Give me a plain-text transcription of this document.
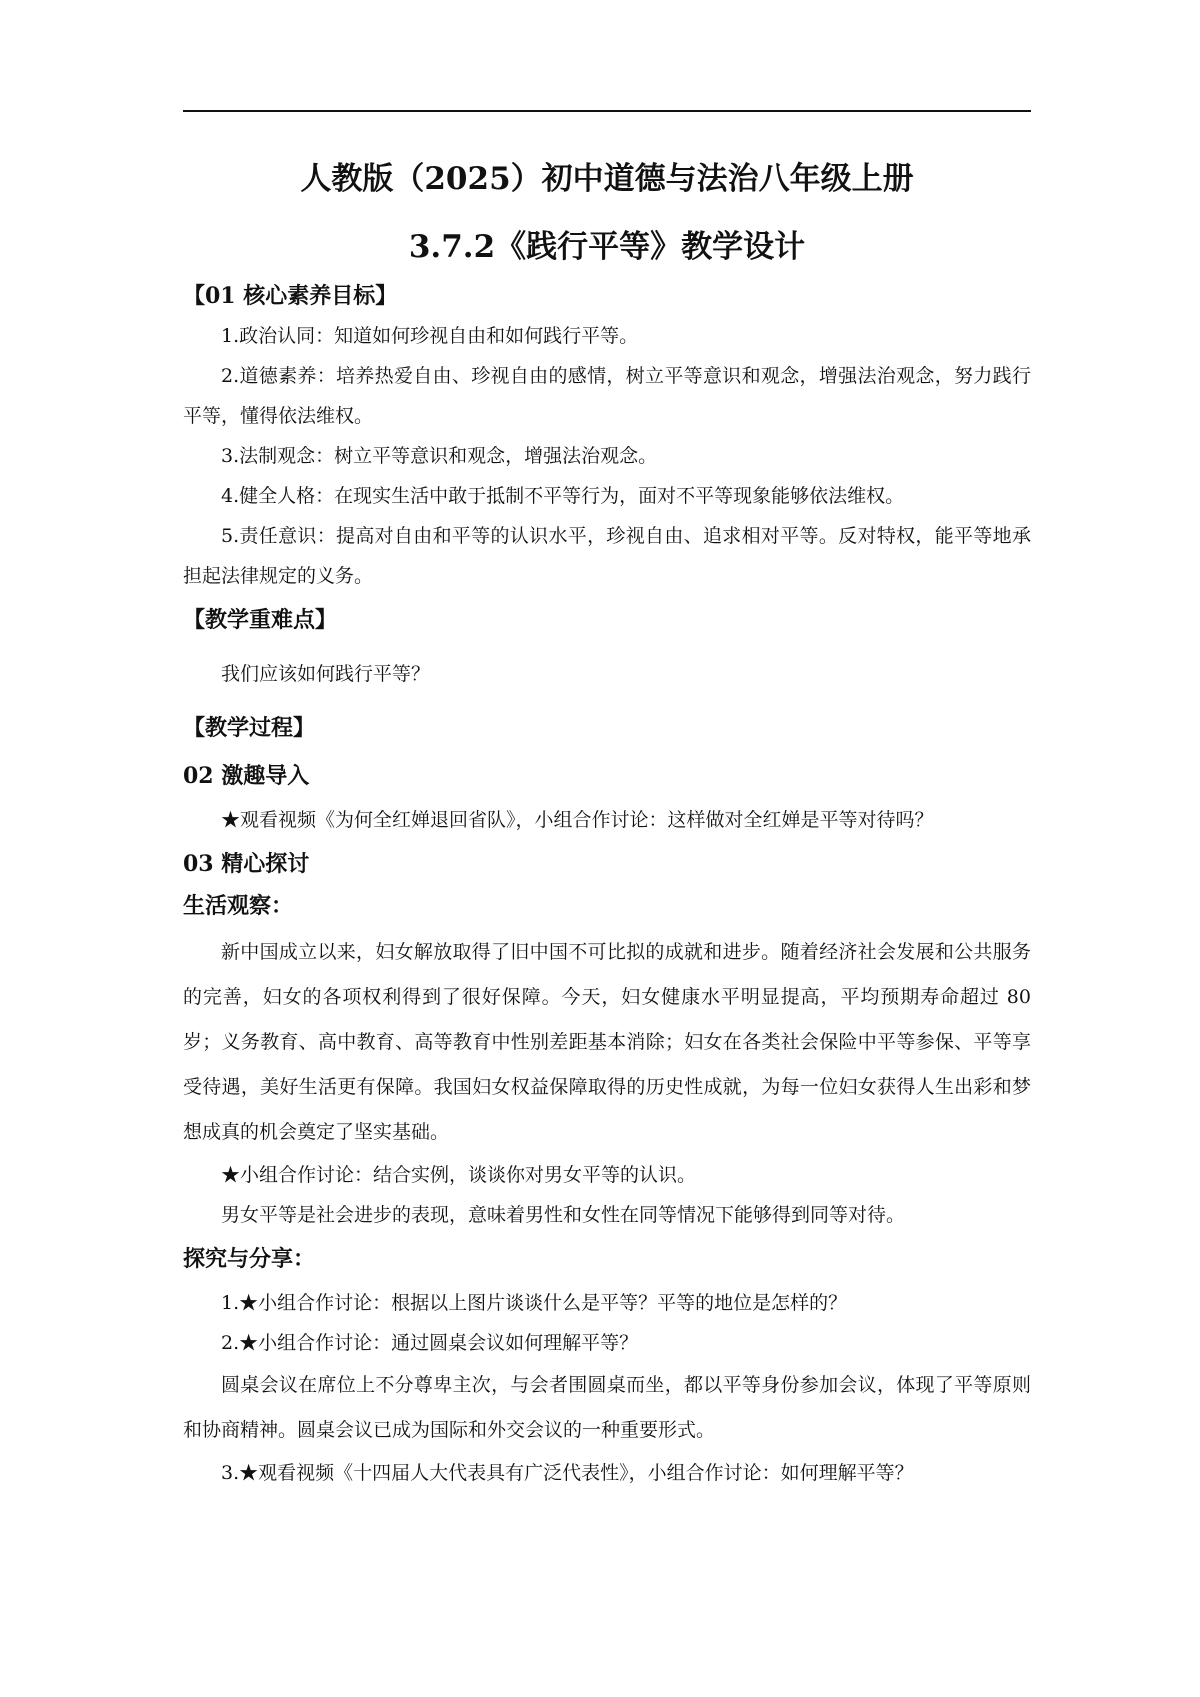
人教版（2025）初中道德与法治八年级上册

3.7.2《践行平等》教学设计

【01 核心素养目标】

1.政治认同：知道如何珍视自由和如何践行平等。

2.道德素养：培养热爱自由、珍视自由的感情，树立平等意识和观念，增强法治观念，努力践行平等，懂得依法维权。

3.法制观念：树立平等意识和观念，增强法治观念。

4.健全人格：在现实生活中敢于抵制不平等行为，面对不平等现象能够依法维权。

5.责任意识：提高对自由和平等的认识水平，珍视自由、追求相对平等。反对特权，能平等地承担起法律规定的义务。

【教学重难点】

我们应该如何践行平等？

【教学过程】

02 激趣导入

★观看视频《为何全红婵退回省队》，小组合作讨论：这样做对全红婵是平等对待吗？

03 精心探讨

生活观察：

新中国成立以来，妇女解放取得了旧中国不可比拟的成就和进步。随着经济社会发展和公共服务的完善，妇女的各项权利得到了很好保障。今天，妇女健康水平明显提高，平均预期寿命超过 80 岁；义务教育、高中教育、高等教育中性别差距基本消除；妇女在各类社会保险中平等参保、平等享受待遇，美好生活更有保障。我国妇女权益保障取得的历史性成就，为每一位妇女获得人生出彩和梦想成真的机会奠定了坚实基础。

★小组合作讨论：结合实例，谈谈你对男女平等的认识。

男女平等是社会进步的表现，意味着男性和女性在同等情况下能够得到同等对待。

探究与分享：

1.★小组合作讨论：根据以上图片谈谈什么是平等？平等的地位是怎样的？

2.★小组合作讨论：通过圆桌会议如何理解平等？

圆桌会议在席位上不分尊卑主次，与会者围圆桌而坐，都以平等身份参加会议，体现了平等原则和协商精神。圆桌会议已成为国际和外交会议的一种重要形式。

3.★观看视频《十四届人大代表具有广泛代表性》，小组合作讨论：如何理解平等？
